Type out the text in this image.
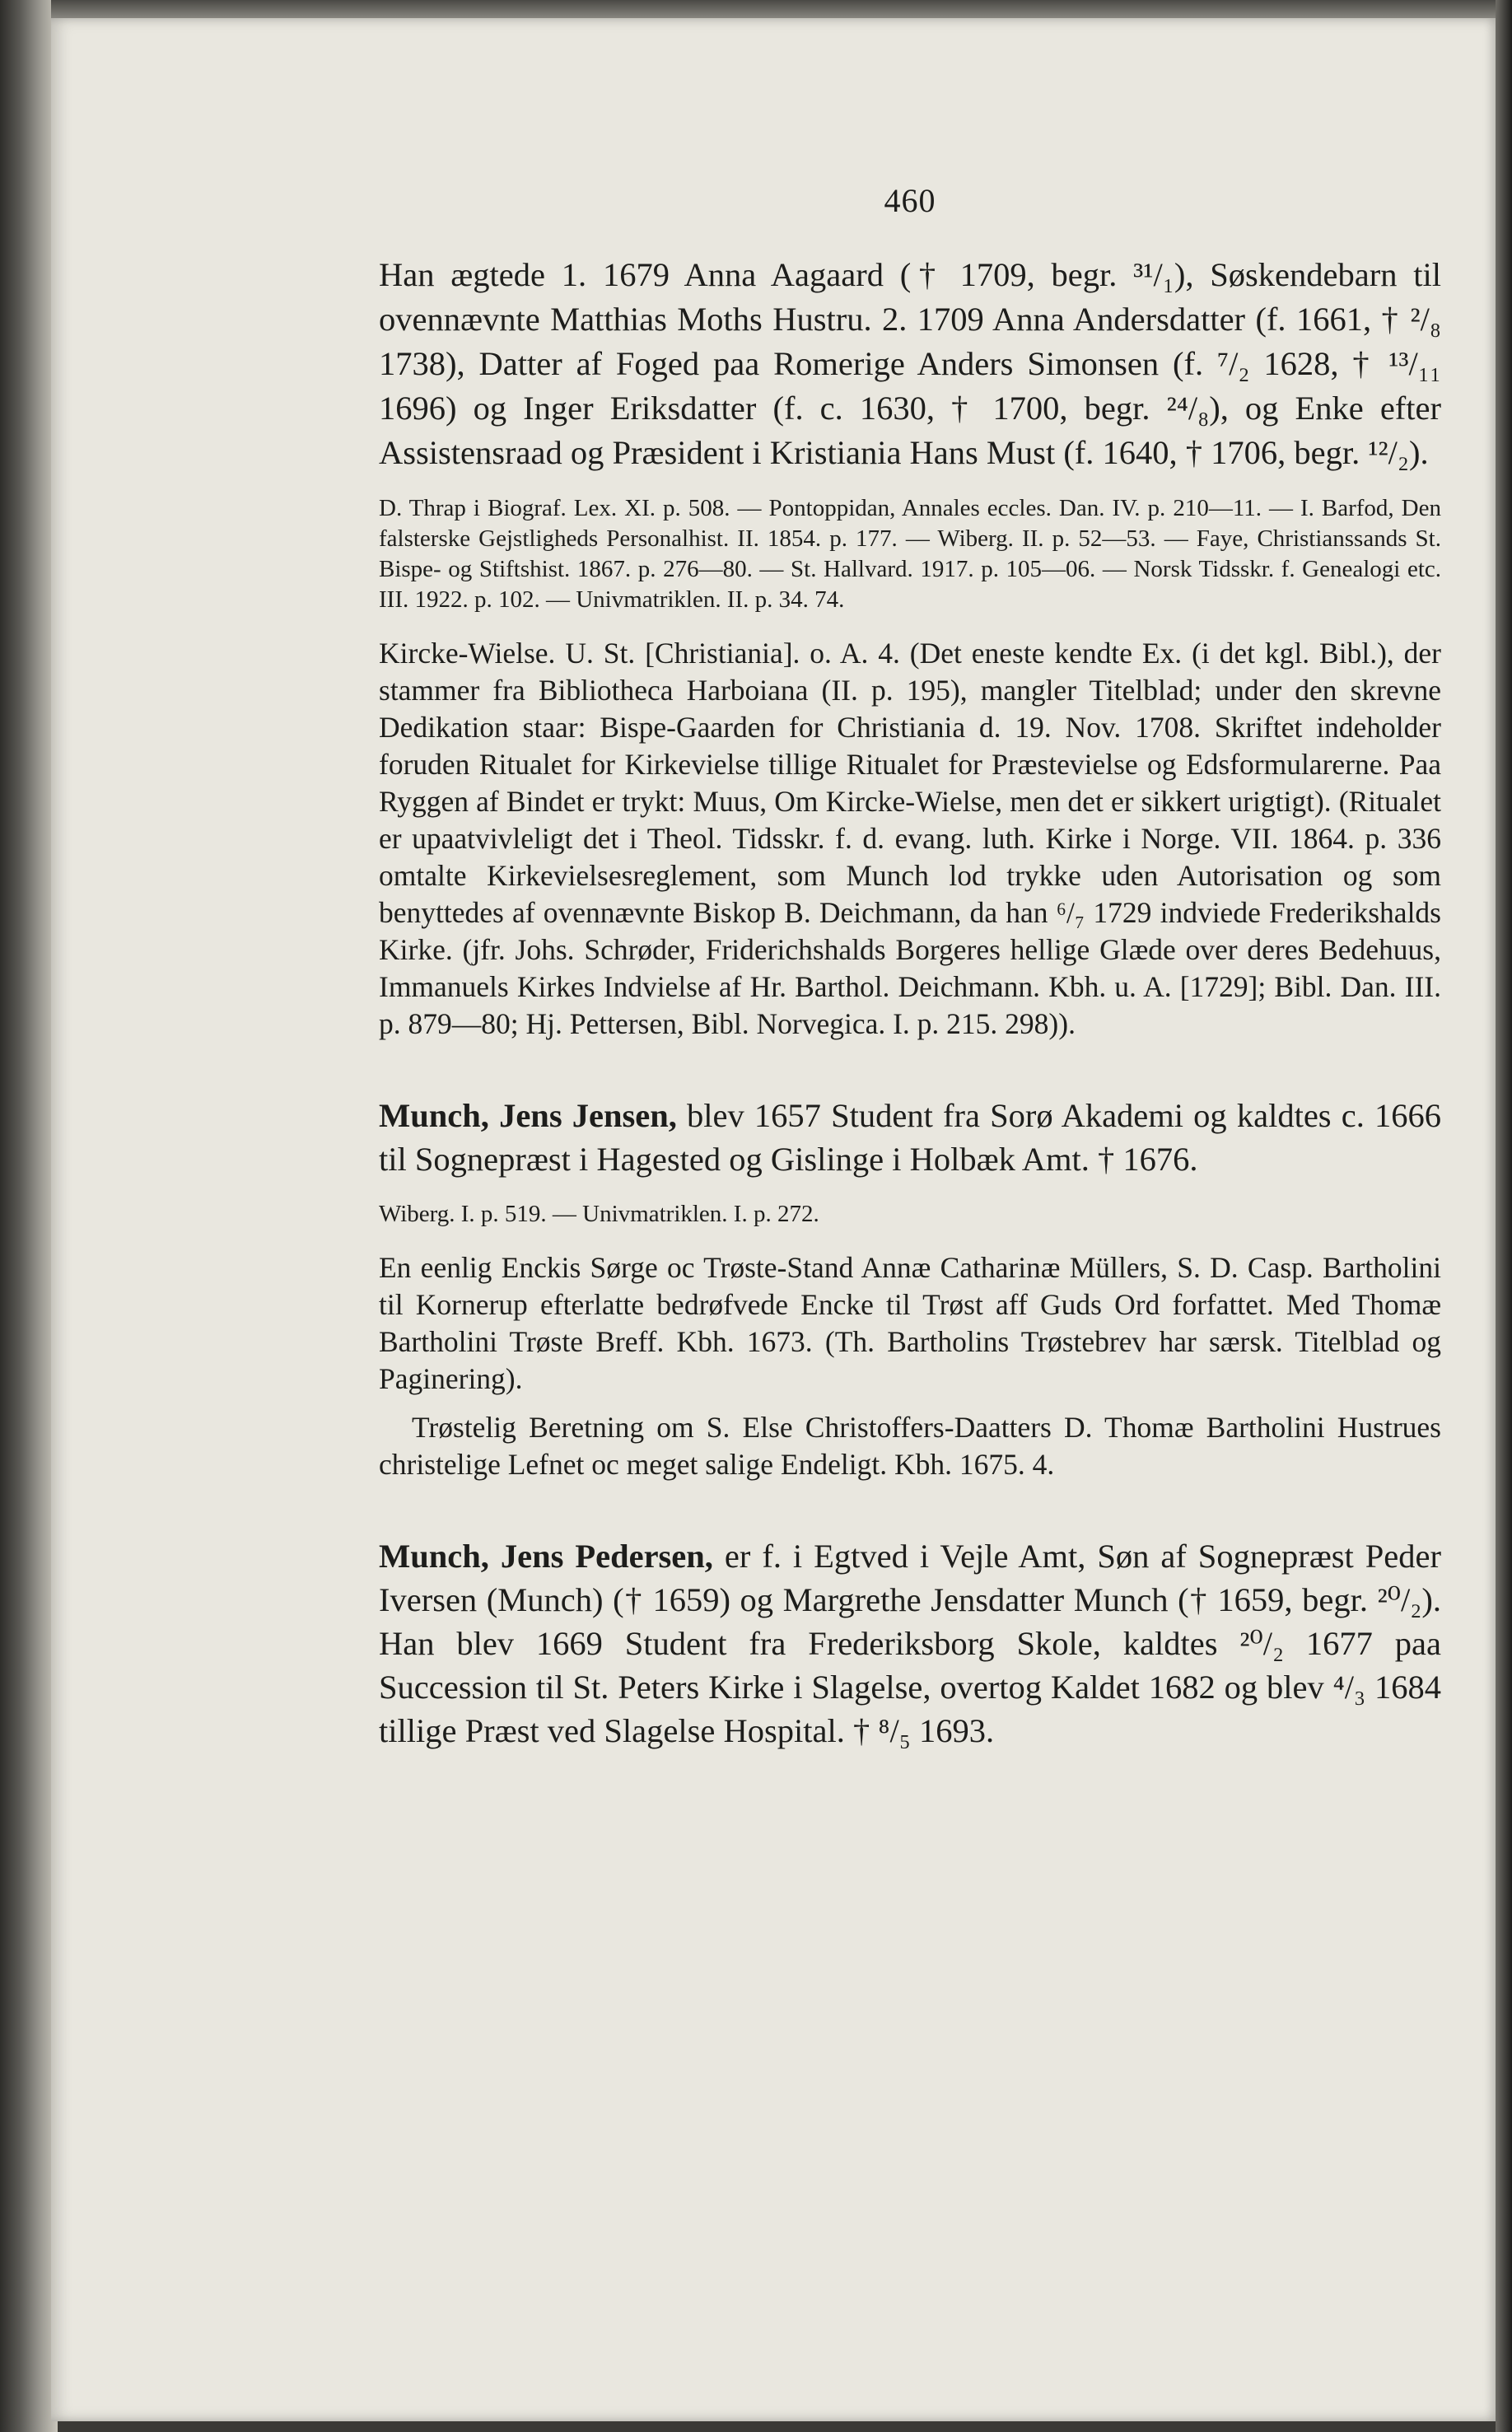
460

Han ægtede 1. 1679 Anna Aagaard († 1709, begr. ³¹/₁), Søskendebarn til ovennævnte Matthias Moths Hustru. 2. 1709 Anna Andersdatter (f. 1661, † ²/₈ 1738), Datter af Foged paa Romerige Anders Simonsen (f. ⁷/₂ 1628, † ¹³/₁₁ 1696) og Inger Eriksdatter (f. c. 1630, † 1700, begr. ²⁴/₈), og Enke efter Assistensraad og Præsident i Kristiania Hans Must (f. 1640, † 1706, begr. ¹²/₂).

D. Thrap i Biograf. Lex. XI. p. 508. — Pontoppidan, Annales eccles. Dan. IV. p. 210—11. — I. Barfod, Den falsterske Gejstligheds Personalhist. II. 1854. p. 177. — Wiberg. II. p. 52—53. — Faye, Christianssands St. Bispe- og Stiftshist. 1867. p. 276—80. — St. Hallvard. 1917. p. 105—06. — Norsk Tidsskr. f. Genealogi etc. III. 1922. p. 102. — Univmatriklen. II. p. 34. 74.

Kircke-Wielse. U. St. [Christiania]. o. A. 4. (Det eneste kendte Ex. (i det kgl. Bibl.), der stammer fra Bibliotheca Harboiana (II. p. 195), mangler Titelblad; under den skrevne Dedikation staar: Bispe-Gaarden for Christiania d. 19. Nov. 1708. Skriftet indeholder foruden Ritualet for Kirkevielse tillige Ritualet for Præstevielse og Edsformularerne. Paa Ryggen af Bindet er trykt: Muus, Om Kircke-Wielse, men det er sikkert urigtigt). (Ritualet er upaatvivleligt det i Theol. Tidsskr. f. d. evang. luth. Kirke i Norge. VII. 1864. p. 336 omtalte Kirkevielsesreglement, som Munch lod trykke uden Autorisation og som benyttedes af ovennævnte Biskop B. Deichmann, da han ⁶/₇ 1729 indviede Frederikshalds Kirke. (jfr. Johs. Schrøder, Friderichshalds Borgeres hellige Glæde over deres Bedehuus, Immanuels Kirkes Indvielse af Hr. Barthol. Deichmann. Kbh. u. A. [1729]; Bibl. Dan. III. p. 879—80; Hj. Pettersen, Bibl. Norvegica. I. p. 215. 298)).

Munch, Jens Jensen, blev 1657 Student fra Sorø Akademi og kaldtes c. 1666 til Sognepræst i Hagested og Gislinge i Holbæk Amt. † 1676.

Wiberg. I. p. 519. — Univmatriklen. I. p. 272.

En eenlig Enckis Sørge oc Trøste-Stand Annæ Catharinæ Müllers, S. D. Casp. Bartholini til Kornerup efterlatte bedrøfvede Encke til Trøst aff Guds Ord forfattet. Med Thomæ Bartholini Trøste Breff. Kbh. 1673. (Th. Bartholins Trøstebrev har særsk. Titelblad og Paginering).

Trøstelig Beretning om S. Else Christoffers-Daatters D. Thomæ Bartholini Hustrues christelige Lefnet oc meget salige Endeligt. Kbh. 1675. 4.

Munch, Jens Pedersen, er f. i Egtved i Vejle Amt, Søn af Sognepræst Peder Iversen (Munch) († 1659) og Margrethe Jensdatter Munch († 1659, begr. ²⁰/₂). Han blev 1669 Student fra Frederiksborg Skole, kaldtes ²⁰/₂ 1677 paa Succession til St. Peters Kirke i Slagelse, overtog Kaldet 1682 og blev ⁴/₃ 1684 tillige Præst ved Slagelse Hospital. † ⁸/₅ 1693.
